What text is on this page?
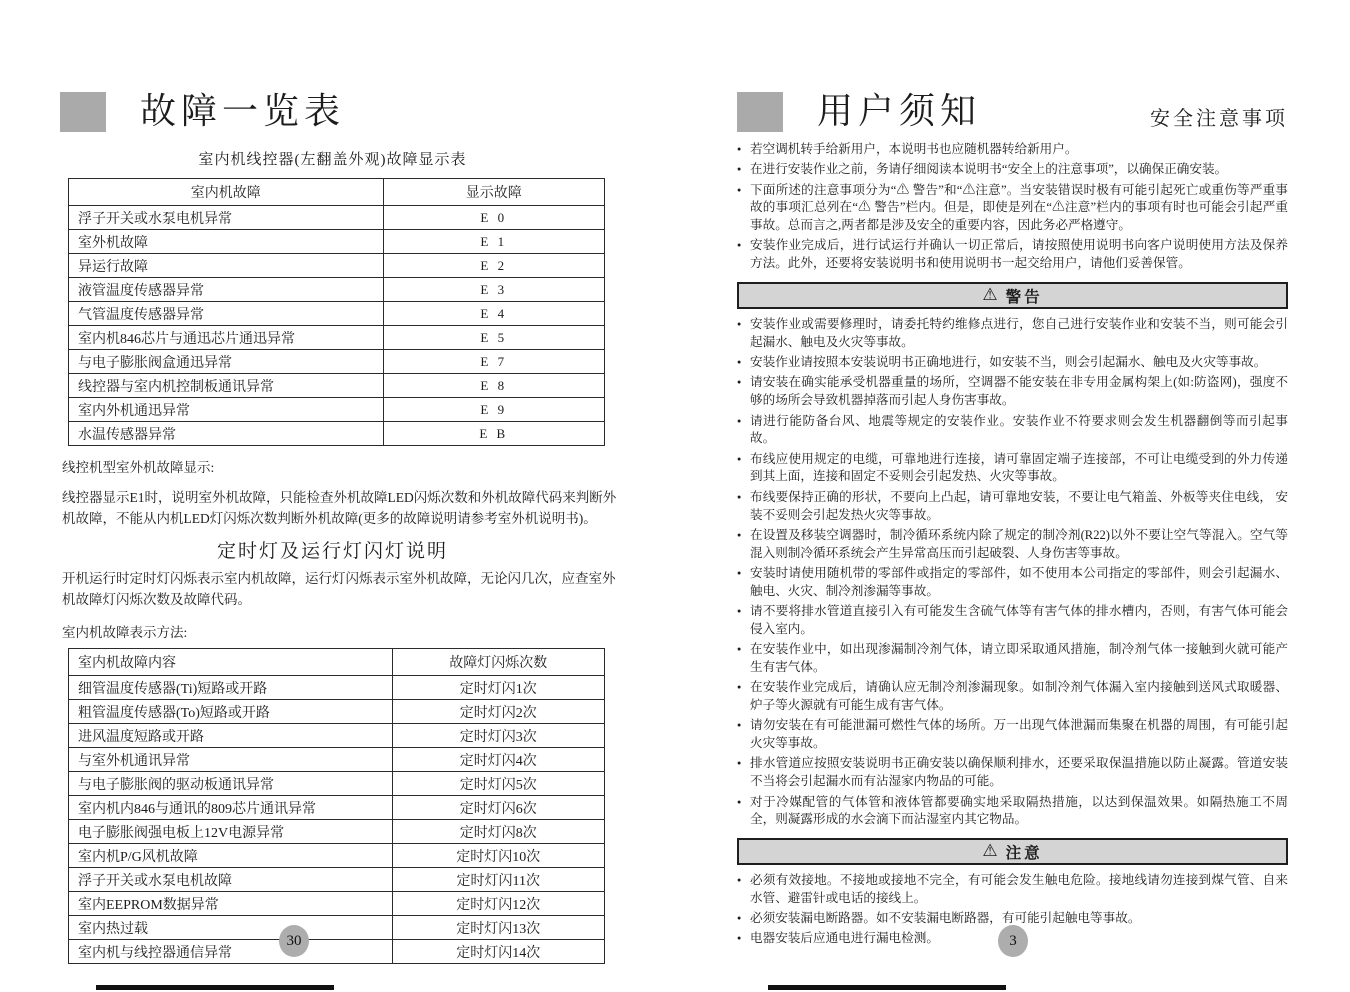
故障一览表
室内机线控器(左翻盖外观)故障显示表
室内机故障	显示故障
浮子开关或水泵电机异常	E 0
室外机故障	E 1
异运行故障	E 2
液管温度传感器异常	E 3
气管温度传感器异常	E 4
室内机846芯片与通迅芯片通迅异常	E 5
与电子膨胀阀盒通迅异常	E 7
线控器与室内机控制板通讯异常	E 8
室内外机通迅异常	E 9
水温传感器异常	E B
线控机型室外机故障显示:
线控器显示E1时，说明室外机故障，只能检查外机故障LED闪烁次数和外机故障代码来判断外机故障，不能从内机LED灯闪烁次数判断外机故障(更多的故障说明请参考室外机说明书)。
定时灯及运行灯闪灯说明
开机运行时定时灯闪烁表示室内机故障，运行灯闪烁表示室外机故障，无论闪几次，应查室外机故障灯闪烁次数及故障代码。
室内机故障表示方法:
室内机故障内容	故障灯闪烁次数
细管温度传感器(Ti)短路或开路	定时灯闪1次
粗管温度传感器(To)短路或开路	定时灯闪2次
进风温度短路或开路	定时灯闪3次
与室外机通讯异常	定时灯闪4次
与电子膨胀阀的驱动板通讯异常	定时灯闪5次
室内机内846与通讯的809芯片通讯异常	定时灯闪6次
电子膨胀阀强电板上12V电源异常	定时灯闪8次
室内机P/G风机故障	定时灯闪10次
浮子开关或水泵电机故障	定时灯闪11次
室内EEPROM数据异常	定时灯闪12次
室内热过载	定时灯闪13次
室内机与线控器通信异常	定时灯闪14次
用户须知	安全注意事项
● 若空调机转手给新用户，本说明书也应随机器转给新用户。
● 在进行安装作业之前，务请仔细阅读本说明书“安全上的注意事项”，以确保正确安装。
● 下面所述的注意事项分为“⚠ 警告”和“⚠注意”。当安装错误时极有可能引起死亡或重伤等严重事故的事项汇总列在“⚠ 警告”栏内。但是，即使是列在“⚠注意”栏内的事项有时也可能会引起严重事故。总而言之,两者都是涉及安全的重要内容，因此务必严格遵守。
● 安装作业完成后，进行试运行并确认一切正常后，请按照使用说明书向客户说明使用方法及保养方法。此外，还要将安装说明书和使用说明书一起交给用户，请他们妥善保管。
⚠ 警告
● 安装作业或需要修理时，请委托特约维修点进行，您自己进行安装作业和安装不当，则可能会引起漏水、触电及火灾等事故。
● 安装作业请按照本安装说明书正确地进行，如安装不当，则会引起漏水、触电及火灾等事故。
● 请安装在确实能承受机器重量的场所，空调器不能安装在非专用金属构架上(如:防盗网)，强度不够的场所会导致机器掉落而引起人身伤害事故。
● 请进行能防备台风、地震等规定的安装作业。安装作业不符要求则会发生机器翻倒等而引起事故。
● 布线应使用规定的电缆，可靠地进行连接，请可靠固定端子连接部，不可让电缆受到的外力传递到其上面，连接和固定不妥则会引起发热、火灾等事故。
● 布线要保持正确的形状，不要向上凸起，请可靠地安装，不要让电气箱盖、外板等夹住电线， 安装不妥则会引起发热火灾等事故。
● 在设置及移装空调器时，制冷循环系统内除了规定的制冷剂(R22)以外不要让空气等混入。空气等混入则制冷循环系统会产生异常高压而引起破裂、人身伤害等事故。
● 安装时请使用随机带的零部件或指定的零部件，如不使用本公司指定的零部件，则会引起漏水、触电、火灾、制冷剂渗漏等事故。
● 请不要将排水管道直接引入有可能发生含硫气体等有害气体的排水槽内，否则，有害气体可能会侵入室内。
● 在安装作业中，如出现渗漏制冷剂气体，请立即采取通风措施，制冷剂气体一接触到火就可能产生有害气体。
● 在安装作业完成后，请确认应无制冷剂渗漏现象。如制冷剂气体漏入室内接触到送风式取暖器、炉子等火源就有可能生成有害气体。
● 请勿安装在有可能泄漏可燃性气体的场所。万一出现气体泄漏而集聚在机器的周围，有可能引起火灾等事故。
● 排水管道应按照安装说明书正确安装以确保顺利排水，还要采取保温措施以防止凝露。管道安装不当将会引起漏水而有沾湿家内物品的可能。
● 对于冷媒配管的气体管和液体管都要确实地采取隔热措施，以达到保温效果。如隔热施工不周全，则凝露形成的水会滴下而沾湿室内其它物品。
⚠ 注意
● 必须有效接地。不接地或接地不完全，有可能会发生触电危险。接地线请勿连接到煤气管、自来水管、避雷针或电话的接线上。
● 必须安装漏电断路器。如不安装漏电断路器，有可能引起触电等事故。
● 电器安装后应通电进行漏电检测。
30	3
